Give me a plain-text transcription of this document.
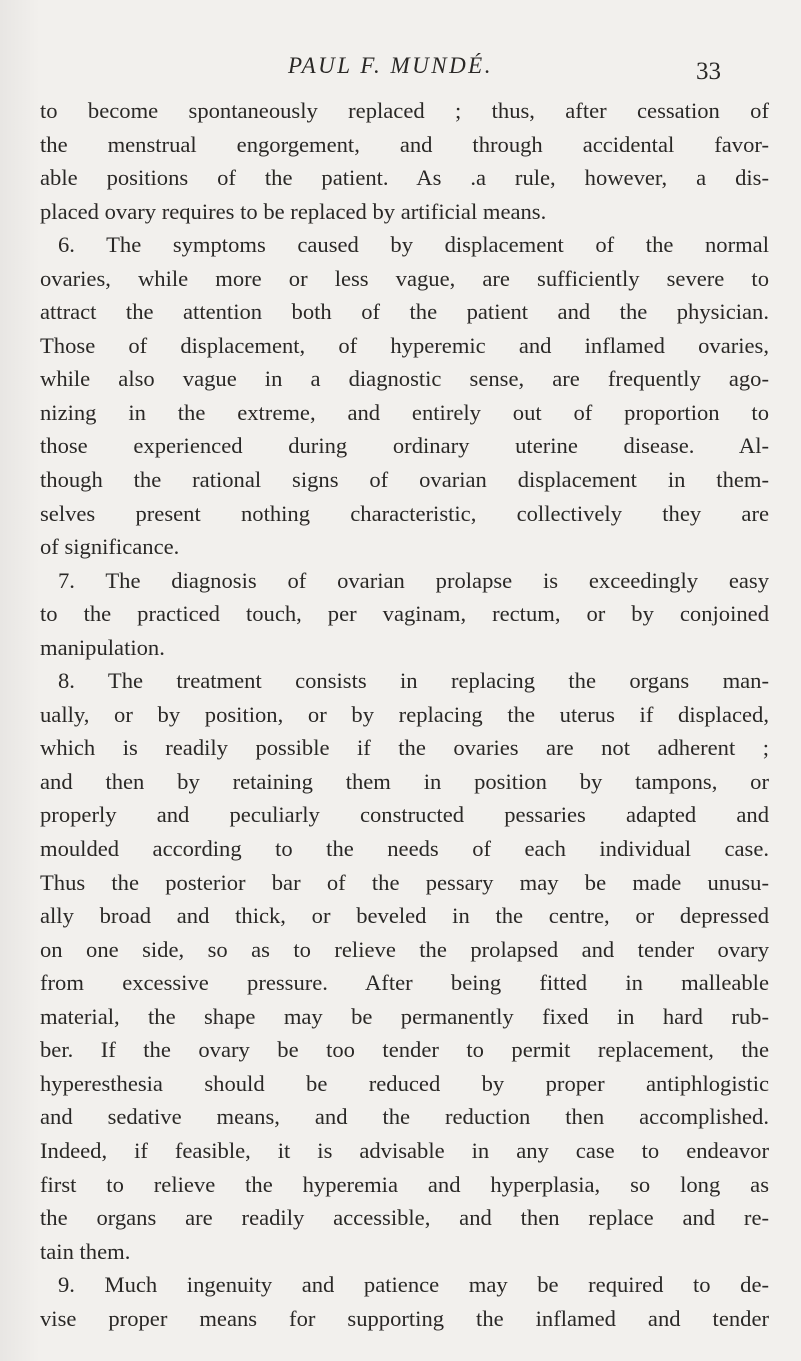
PAUL F. MUNDÉ.	33
to become spontaneously replaced ; thus, after cessation of
the menstrual engorgement, and through accidental favor-
able positions of the patient. As .a rule, however, a dis-
placed ovary requires to be replaced by artificial means.
6. The symptoms caused by displacement of the normal
ovaries, while more or less vague, are sufficiently severe to
attract the attention both of the patient and the physician.
Those of displacement, of hyperemic and inflamed ovaries,
while also vague in a diagnostic sense, are frequently ago-
nizing in the extreme, and entirely out of proportion to
those experienced during ordinary uterine disease. Al-
though the rational signs of ovarian displacement in them-
selves present nothing characteristic, collectively they are
of significance.
7. The diagnosis of ovarian prolapse is exceedingly easy
to the practiced touch, per vaginam, rectum, or by conjoined
manipulation.
8. The treatment consists in replacing the organs man-
ually, or by position, or by replacing the uterus if displaced,
which is readily possible if the ovaries are not adherent ;
and then by retaining them in position by tampons, or
properly and peculiarly constructed pessaries adapted and
moulded according to the needs of each individual case.
Thus the posterior bar of the pessary may be made unusu-
ally broad and thick, or beveled in the centre, or depressed
on one side, so as to relieve the prolapsed and tender ovary
from excessive pressure. After being fitted in malleable
material, the shape may be permanently fixed in hard rub-
ber. If the ovary be too tender to permit replacement, the
hyperesthesia should be reduced by proper antiphlogistic
and sedative means, and the reduction then accomplished.
Indeed, if feasible, it is advisable in any case to endeavor
first to relieve the hyperemia and hyperplasia, so long as
the organs are readily accessible, and then replace and re-
tain them.
9. Much ingenuity and patience may be required to de-
vise proper means for supporting the inflamed and tender
